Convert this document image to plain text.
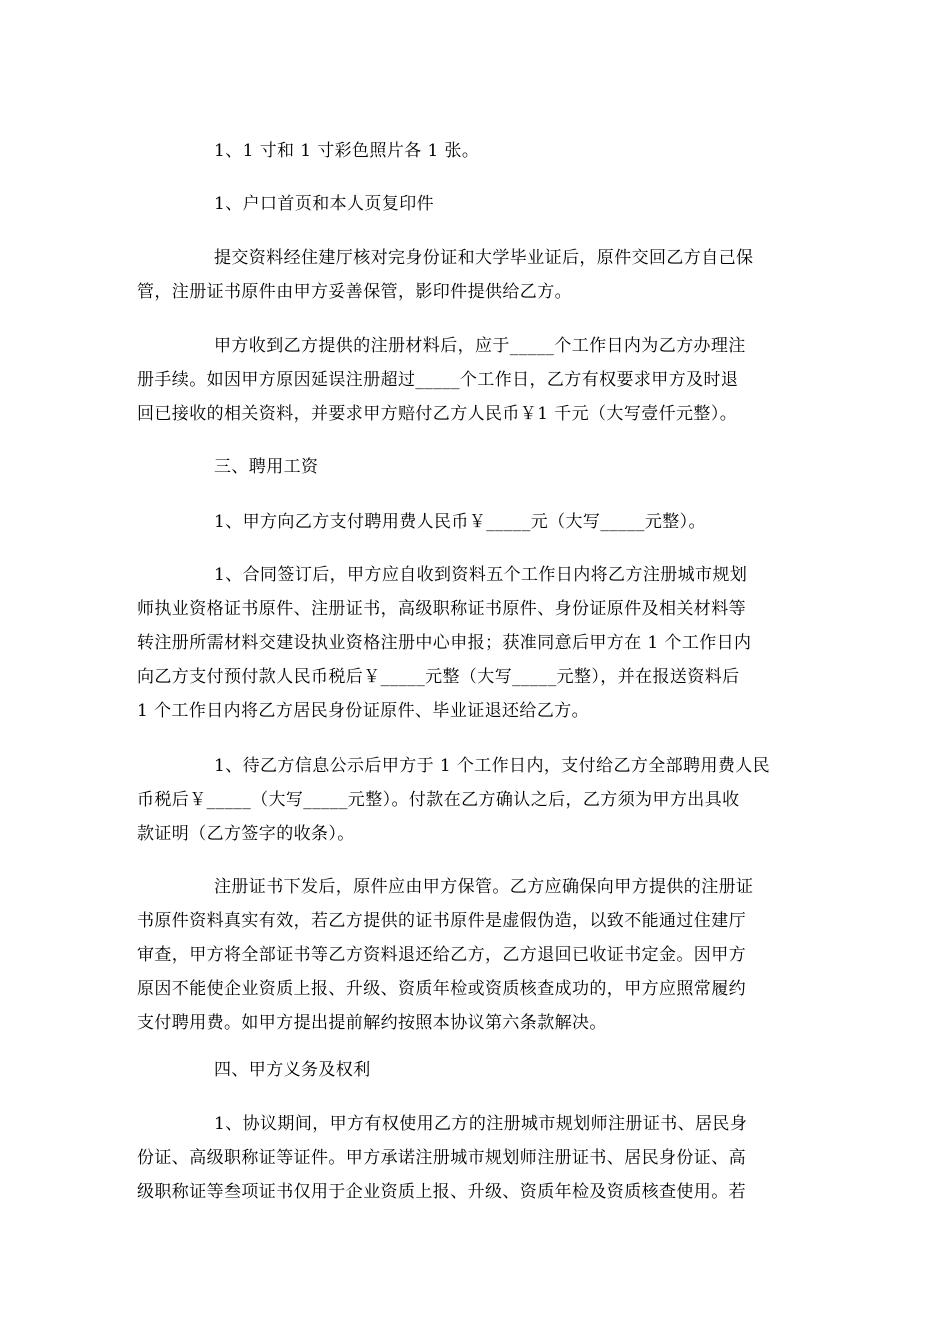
1、1 寸和 1 寸彩色照片各 1 张。

1、户口首页和本人页复印件

提交资料经住建厅核对完身份证和大学毕业证后，原件交回乙方自己保
管，注册证书原件由甲方妥善保管，影印件提供给乙方。

甲方收到乙方提供的注册材料后，应于_____个工作日内为乙方办理注
册手续。如因甲方原因延误注册超过_____个工作日，乙方有权要求甲方及时退
回已接收的相关资料，并要求甲方赔付乙方人民币￥1 千元（大写壹仟元整）。

三、聘用工资

1、甲方向乙方支付聘用费人民币￥_____元（大写_____元整）。

1、合同签订后，甲方应自收到资料五个工作日内将乙方注册城市规划
师执业资格证书原件、注册证书，高级职称证书原件、身份证原件及相关材料等
转注册所需材料交建设执业资格注册中心申报；获准同意后甲方在 1 个工作日内
向乙方支付预付款人民币税后￥_____元整（大写_____元整），并在报送资料后
1 个工作日内将乙方居民身份证原件、毕业证退还给乙方。

1、待乙方信息公示后甲方于 1 个工作日内，支付给乙方全部聘用费人民
币税后￥_____（大写_____元整）。付款在乙方确认之后，乙方须为甲方出具收
款证明（乙方签字的收条）。

注册证书下发后，原件应由甲方保管。乙方应确保向甲方提供的注册证
书原件资料真实有效，若乙方提供的证书原件是虚假伪造，以致不能通过住建厅
审查，甲方将全部证书等乙方资料退还给乙方，乙方退回已收证书定金。因甲方
原因不能使企业资质上报、升级、资质年检或资质核查成功的，甲方应照常履约
支付聘用费。如甲方提出提前解约按照本协议第六条款解决。

四、甲方义务及权利

1、协议期间，甲方有权使用乙方的注册城市规划师注册证书、居民身
份证、高级职称证等证件。甲方承诺注册城市规划师注册证书、居民身份证、高
级职称证等叁项证书仅用于企业资质上报、升级、资质年检及资质核查使用。若
